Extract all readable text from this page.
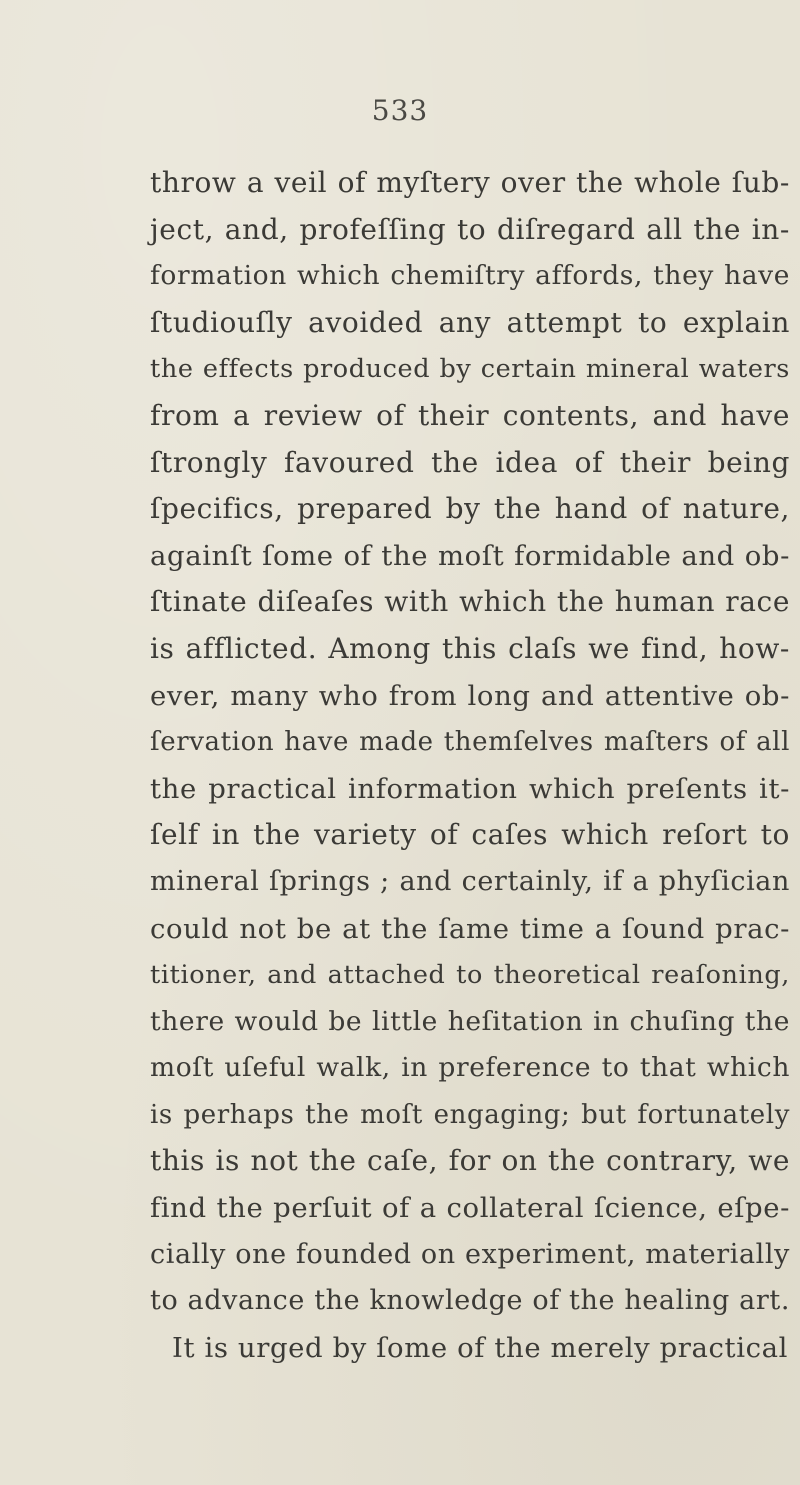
533
throw a veil of myſtery over the whole ſub-
ject, and, profeſſing to diſregard all the in-
formation which chemiſtry affords, they have
ſtudiouſly avoided any attempt to explain
the effects produced by certain mineral waters
from a review of their contents, and have
ſtrongly favoured the idea of their being
ſpecifics, prepared by the hand of nature,
againſt ſome of the moſt formidable and ob-
ſtinate diſeaſes with which the human race
is afflicted. Among this claſs we find, how-
ever, many who from long and attentive ob-
ſervation have made themſelves maſters of all
the practical information which preſents it-
ſelf in the variety of caſes which reſort to
mineral ſprings ; and certainly, if a phyſician
could not be at the ſame time a ſound prac-
titioner, and attached to theoretical reaſoning,
there would be little heſitation in chuſing the
moſt uſeful walk, in preference to that which
is perhaps the moſt engaging; but fortunately
this is not the caſe, for on the contrary, we
find the perſuit of a collateral ſcience, eſpe-
cially one founded on experiment, materially
to advance the knowledge of the healing art.
It is urged by ſome of the merely practical
